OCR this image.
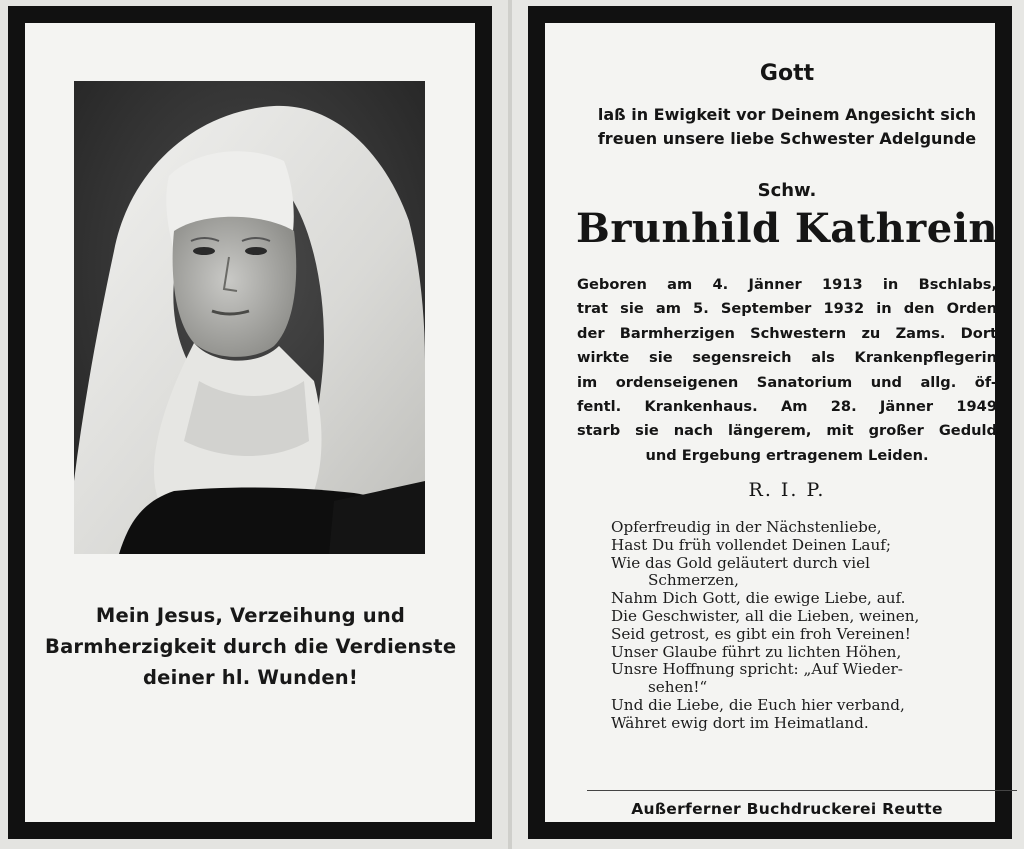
Mein Jesus, Verzeihung und
Barmherzigkeit durch die Verdienste
deiner hl. Wunden!
Gott
laß in Ewigkeit vor Deinem Angesicht sich
freuen unsere liebe Schwester Adelgunde
Schw.
Brunhild Kathrein
Geboren am 4. Jänner 1913 in Bschlabs,
trat sie am 5. September 1932 in den Orden
der Barmherzigen Schwestern zu Zams. Dort
wirkte sie segensreich als Krankenpflegerin
im ordenseigenen Sanatorium und allg. öf-
fentl. Krankenhaus. Am 28. Jänner 1949
starb sie nach längerem, mit großer Geduld
und Ergebung ertragenem Leiden.
R. I. P.
Opferfreudig in der Nächstenliebe,
Hast Du früh vollendet Deinen Lauf;
Wie das Gold geläutert durch viel
Schmerzen,
Nahm Dich Gott, die ewige Liebe, auf.
Die Geschwister, all die Lieben, weinen,
Seid getrost, es gibt ein froh Vereinen!
Unser Glaube führt zu lichten Höhen,
Unsre Hoffnung spricht: „Auf Wieder-
sehen!“
Und die Liebe, die Euch hier verband,
Währet ewig dort im Heimatland.
Außerferner Buchdruckerei Reutte
